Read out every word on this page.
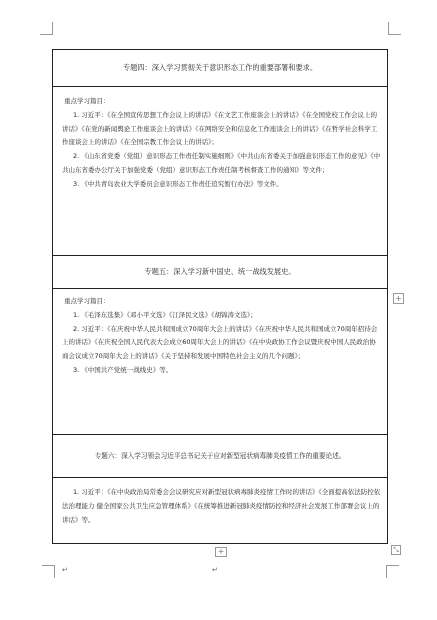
专题四：深入学习贯彻关于意识形态工作的重要部署和要求。
重点学习篇目：

1. 习近平：《在全国宣传思想工作会议上的讲话》《在文艺工作座谈会上的讲话》《在全国党校工作会议上的讲话》《在党的新闻舆论工作座谈会上的讲话》《在网络安全和信息化工作座谈会上的讲话》《在哲学社会科学工作座谈会上的讲话》《在全国宗教工作会议上的讲话》；

2. 《山东省党委（党组）意识形态工作责任制实施细则》《中共山东省委关于加强意识形态工作的意见》《中共山东省委办公厅关于加强党委（党组）意识形态工作责任制考核督查工作的通知》等文件；

3. 《中共青岛农业大学委员会意识形态工作责任追究暂行办法》等文件。

专题五：深入学习新中国史、统一战线发展史。
重点学习篇目：

1. 《毛泽东选集》《邓小平文选》《江泽民文选》《胡锦涛文选》；

2. 习近平：《在庆祝中华人民共和国成立70周年大会上的讲话》《在庆祝中华人民共和国成立70周年招待会上的讲话》《在庆祝全国人民代表大会成立60周年大会上的讲话》《在中央政协工作会议暨庆祝中国人民政治协商会议成立70周年大会上的讲话》《关于坚持和发展中国特色社会主义的几个问题》；

3. 《中国共产党统一战线史》等。

专题六：深入学习领会习近平总书记关于应对新型冠状病毒肺炎疫情工作的重要论述。

1. 习近平：《在中央政治局常委会会议研究应对新型冠状病毒肺炎疫情工作时的讲话》《全面提高依法防控依法治理能力 健全国家公共卫生应急管理体系》《在统筹推进新冠肺炎疫情防控和经济社会发展工作部署会议上的讲话》等。

+
+	⤡
↵	↵
